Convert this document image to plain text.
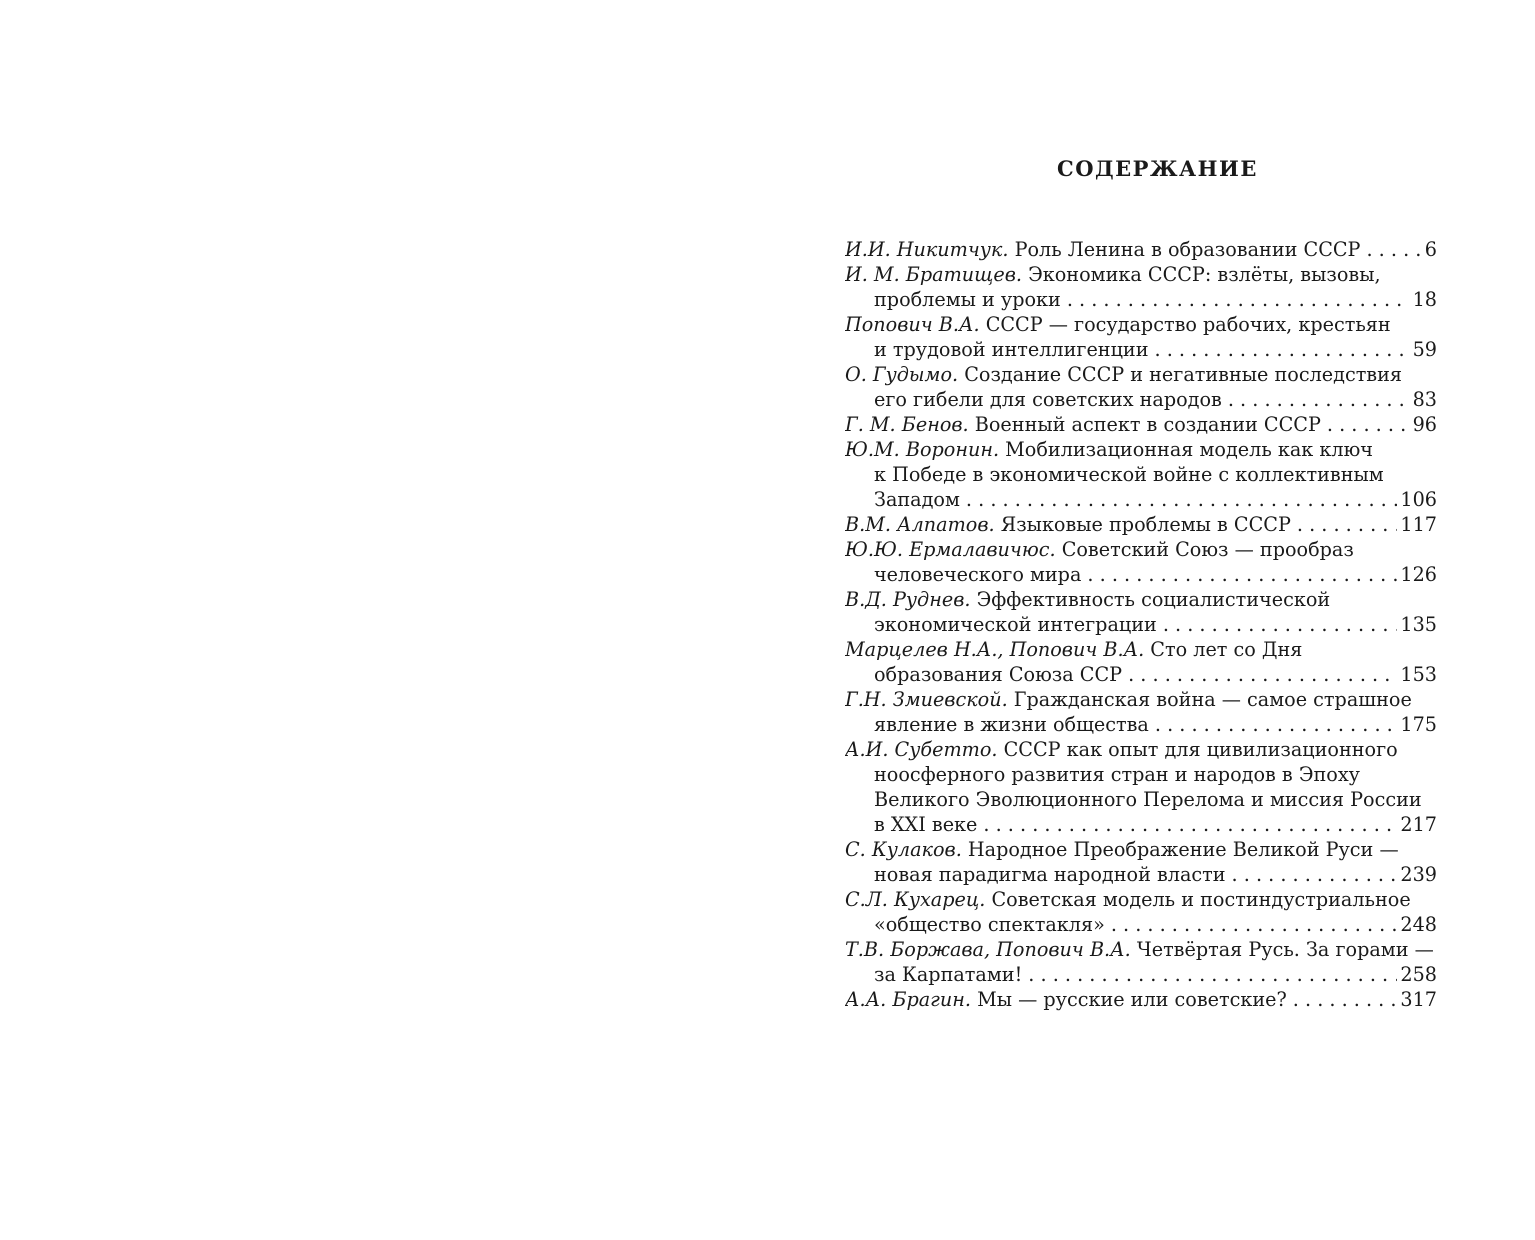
СОДЕРЖАНИЕ
И.И. Никитчук. Роль Ленина в образовании СССР . . .	6
И. М. Братищев. Экономика СССР: взлёты, вызовы,
проблемы и уроки . . .	18
Попович В.А. СССР — государство рабочих, крестьян
и трудовой интеллигенции . . .	59
О. Гудымо. Создание СССР и негативные последствия
его гибели для советских народов . . .	83
Г. М. Бенов. Военный аспект в создании СССР . . .	96
Ю.М. Воронин. Мобилизационная модель как ключ
к Победе в экономической войне с коллективным
Западом . . .	106
В.М. Алпатов. Языковые проблемы в СССР . . .	117
Ю.Ю. Ермалавичюс. Советский Союз — прообраз
человеческого мира . . .	126
В.Д. Руднев. Эффективность социалистической
экономической интеграции . . .	135
Марцелев Н.А., Попович В.А. Сто лет со Дня
образования Союза ССР . . .	153
Г.Н. Змиевской. Гражданская война — самое страшное
явление в жизни общества . . .	175
А.И. Субетто. СССР как опыт для цивилизационного
ноосферного развития стран и народов в Эпоху
Великого Эволюционного Перелома и миссия России
в XXI веке . . .	217
С. Кулаков. Народное Преображение Великой Руси —
новая парадигма народной власти . . .	239
С.Л. Кухарец. Советская модель и постиндустриальное
«общество спектакля» . . .	248
Т.В. Боржава, Попович В.А. Четвёртая Русь. За горами —
за Карпатами! . . .	258
А.А. Брагин. Мы — русские или советские? . . .	317
